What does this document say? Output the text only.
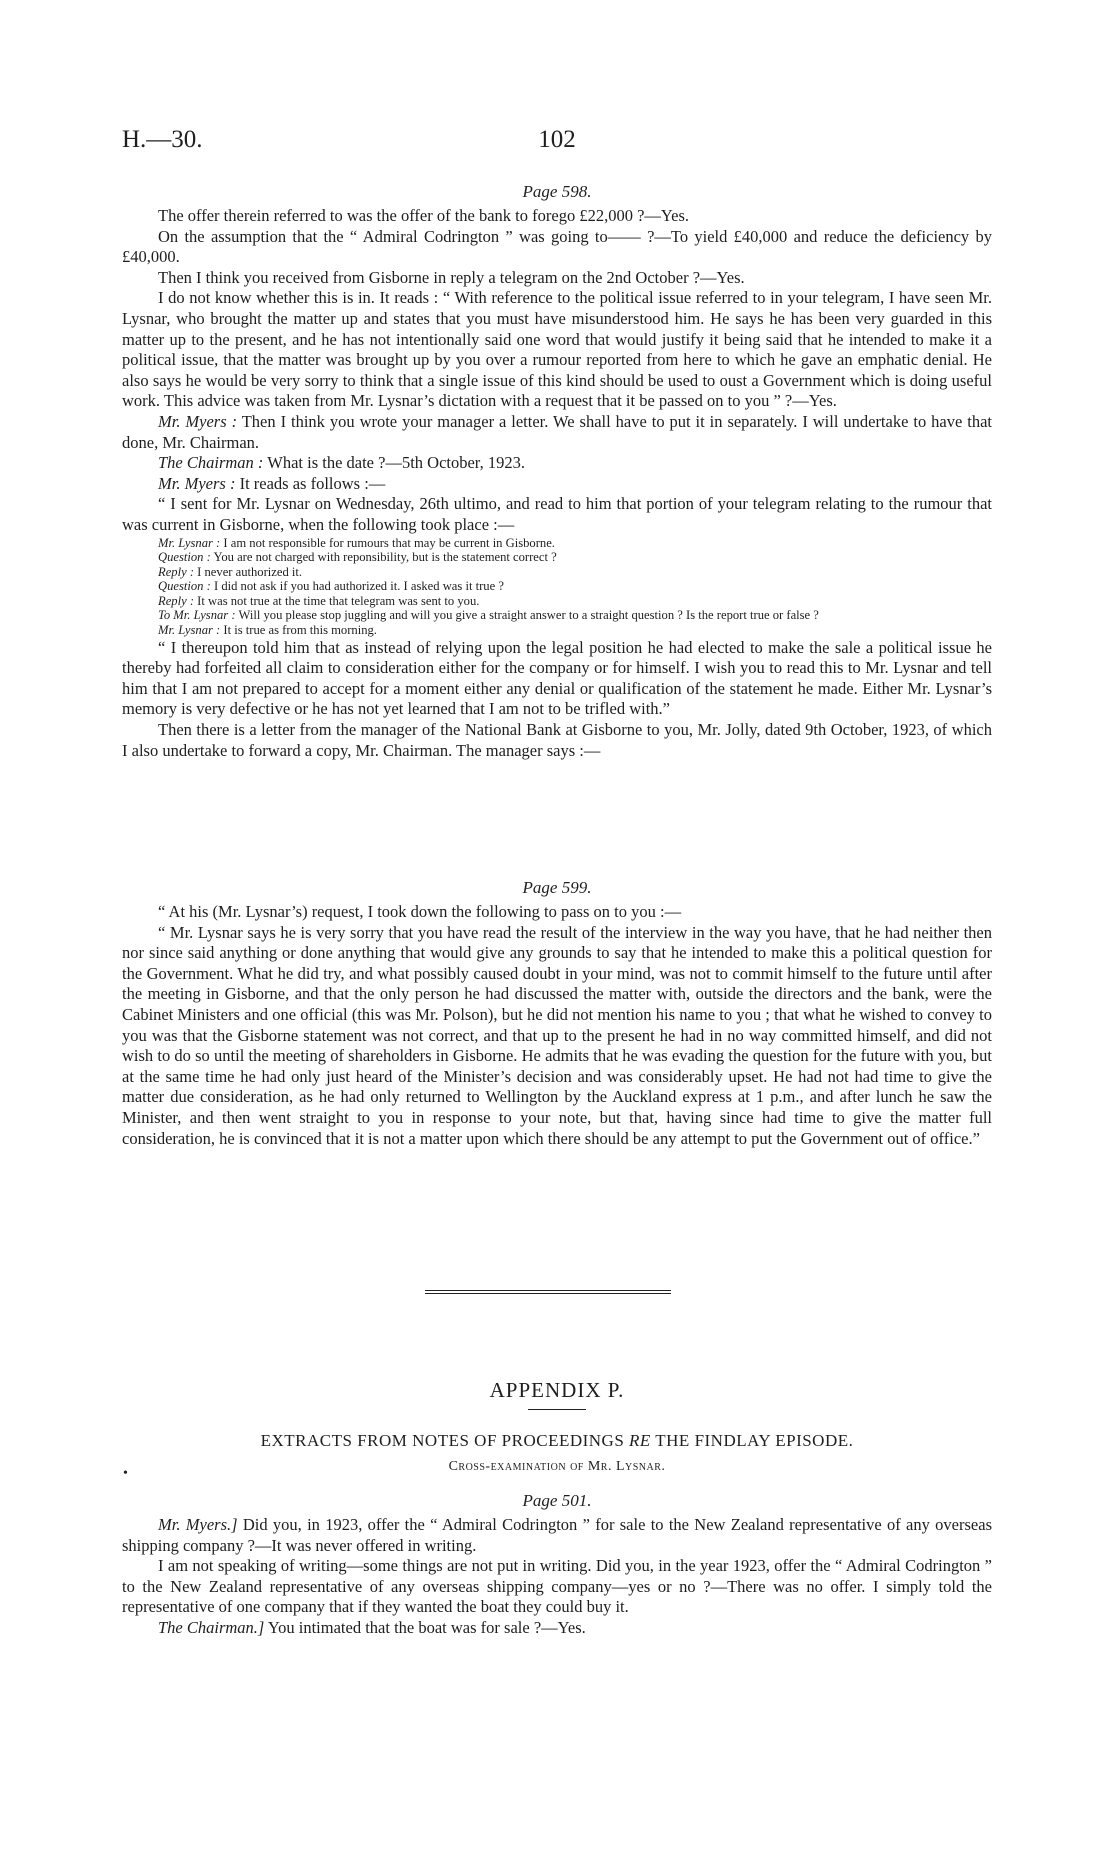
H.—30.	102

Page 598.

The offer therein referred to was the offer of the bank to forego £22,000 ?—Yes.

On the assumption that the “ Admiral Codrington ” was going to—— ?—To yield £40,000 and reduce the deficiency by £40,000.

Then I think you received from Gisborne in reply a telegram on the 2nd October ?—Yes.

I do not know whether this is in. It reads : “ With reference to the political issue referred to in your telegram, I have seen Mr. Lysnar, who brought the matter up and states that you must have misunderstood him. He says he has been very guarded in this matter up to the present, and he has not intentionally said one word that would justify it being said that he intended to make it a political issue, that the matter was brought up by you over a rumour reported from here to which he gave an emphatic denial. He also says he would be very sorry to think that a single issue of this kind should be used to oust a Government which is doing useful work. This advice was taken from Mr. Lysnar’s dictation with a request that it be passed on to you ” ?—Yes.

Mr. Myers : Then I think you wrote your manager a letter. We shall have to put it in separately. I will undertake to have that done, Mr. Chairman.

The Chairman : What is the date ?—5th October, 1923.

Mr. Myers : It reads as follows :—

“ I sent for Mr. Lysnar on Wednesday, 26th ultimo, and read to him that portion of your telegram relating to the rumour that was current in Gisborne, when the following took place :—

Mr. Lysnar : I am not responsible for rumours that may be current in Gisborne.

Question : You are not charged with reponsibility, but is the statement correct ?

Reply : I never authorized it.

Question : I did not ask if you had authorized it. I asked was it true ?

Reply : It was not true at the time that telegram was sent to you.

To Mr. Lysnar : Will you please stop juggling and will you give a straight answer to a straight question ? Is the report true or false ?

Mr. Lysnar : It is true as from this morning.

“ I thereupon told him that as instead of relying upon the legal position he had elected to make the sale a political issue he thereby had forfeited all claim to consideration either for the company or for himself. I wish you to read this to Mr. Lysnar and tell him that I am not prepared to accept for a moment either any denial or qualification of the statement he made. Either Mr. Lysnar’s memory is very defective or he has not yet learned that I am not to be trifled with.”

Then there is a letter from the manager of the National Bank at Gisborne to you, Mr. Jolly, dated 9th October, 1923, of which I also undertake to forward a copy, Mr. Chairman. The manager says :—

Page 599.

“ At his (Mr. Lysnar’s) request, I took down the following to pass on to you :—

“ Mr. Lysnar says he is very sorry that you have read the result of the interview in the way you have, that he had neither then nor since said anything or done anything that would give any grounds to say that he intended to make this a political question for the Government. What he did try, and what possibly caused doubt in your mind, was not to commit himself to the future until after the meeting in Gisborne, and that the only person he had discussed the matter with, outside the directors and the bank, were the Cabinet Ministers and one official (this was Mr. Polson), but he did not mention his name to you ; that what he wished to convey to you was that the Gisborne statement was not correct, and that up to the present he had in no way committed himself, and did not wish to do so until the meeting of shareholders in Gisborne. He admits that he was evading the question for the future with you, but at the same time he had only just heard of the Minister’s decision and was considerably upset. He had not had time to give the matter due consideration, as he had only returned to Wellington by the Auckland express at 1 p.m., and after lunch he saw the Minister, and then went straight to you in response to your note, but that, having since had time to give the matter full consideration, he is convinced that it is not a matter upon which there should be any attempt to put the Government out of office.”

APPENDIX P.
EXTRACTS FROM NOTES OF PROCEEDINGS RE THE FINDLAY EPISODE.
Cross-examination of Mr. Lysnar.
•

Page 501.

Mr. Myers.] Did you, in 1923, offer the “ Admiral Codrington ” for sale to the New Zealand representative of any overseas shipping company ?—It was never offered in writing.

I am not speaking of writing—some things are not put in writing. Did you, in the year 1923, offer the “ Admiral Codrington ” to the New Zealand representative of any overseas shipping company—yes or no ?—There was no offer. I simply told the representative of one company that if they wanted the boat they could buy it.

The Chairman.] You intimated that the boat was for sale ?—Yes.
